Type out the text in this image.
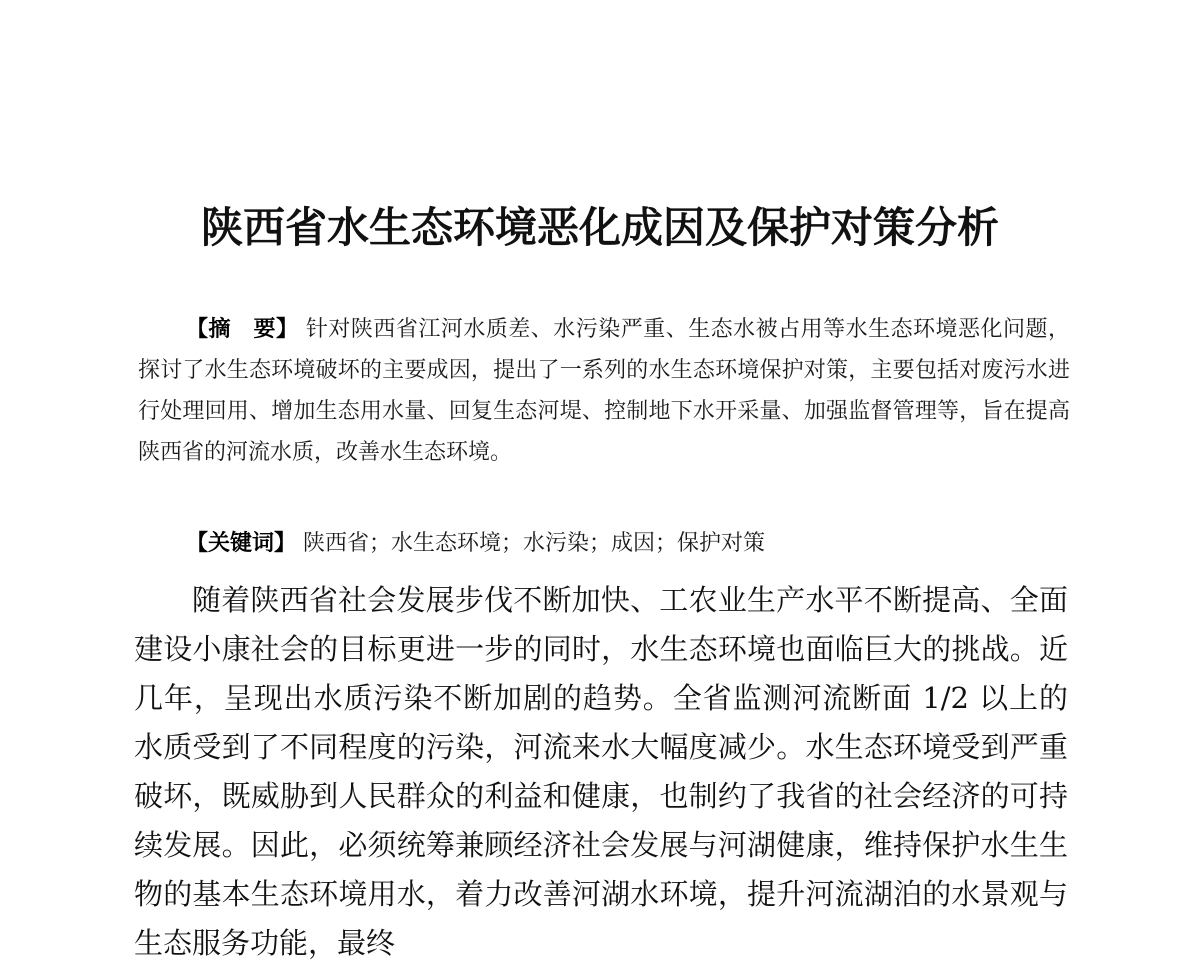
陕西省水生态环境恶化成因及保护对策分析

【摘　要】 针对陕西省江河水质差、水污染严重、生态水被占用等水生态环境恶化问题，探讨了水生态环境破坏的主要成因，提出了一系列的水生态环境保护对策，主要包括对废污水进行处理回用、增加生态用水量、回复生态河堤、控制地下水开采量、加强监督管理等，旨在提高陕西省的河流水质，改善水生态环境。

【关键词】 陕西省；水生态环境；水污染；成因；保护对策

随着陕西省社会发展步伐不断加快、工农业生产水平不断提高、全面建设小康社会的目标更进一步的同时，水生态环境也面临巨大的挑战。近几年，呈现出水质污染不断加剧的趋势。全省监测河流断面 1/2 以上的水质受到了不同程度的污染，河流来水大幅度减少。水生态环境受到严重破坏，既威胁到人民群众的利益和健康，也制约了我省的社会经济的可持续发展。因此，必须统筹兼顾经济社会发展与河湖健康，维持保护水生生物的基本生态环境用水，着力改善河湖水环境，提升河流湖泊的水景观与生态服务功能，最终
